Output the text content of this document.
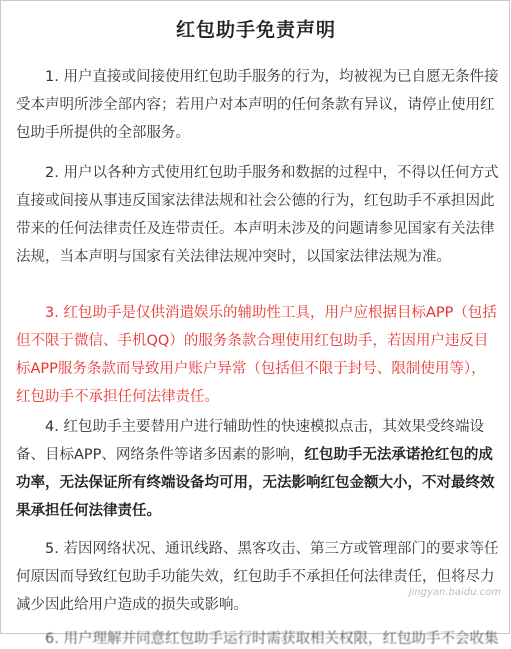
红包助手免责声明

1. 用户直接或间接使用红包助手服务的行为，均被视为已自愿无条件接受本声明所涉全部内容；若用户对本声明的任何条款有异议，请停止使用红包助手所提供的全部服务。

2. 用户以各种方式使用红包助手服务和数据的过程中，不得以任何方式直接或间接从事违反国家法律法规和社会公德的行为，红包助手不承担因此带来的任何法律责任及连带责任。本声明未涉及的问题请参见国家有关法律法规，当本声明与国家有关法律法规冲突时，以国家法律法规为准。

3. 红包助手是仅供消遣娱乐的辅助性工具，用户应根据目标APP（包括但不限于微信、手机QQ）的服务条款合理使用红包助手，若因用户违反目标APP服务条款而导致用户账户异常（包括但不限于封号、限制使用等），红包助手不承担任何法律责任。

4. 红包助手主要替用户进行辅助性的快速模拟点击，其效果受终端设备、目标APP、网络条件等诸多因素的影响，红包助手无法承诺抢红包的成功率，无法保证所有终端设备均可用，无法影响红包金额大小，不对最终效果承担任何法律责任。

5. 若因网络状况、通讯线路、黑客攻击、第三方或管理部门的要求等任何原因而导致红包助手功能失效，红包助手不承担任何法律责任，但将尽力减少因此给用户造成的损失或影响。

6. 用户理解并同意红包助手运行时需获取相关权限，红包助手不会收集
jingyan.baidu.com
